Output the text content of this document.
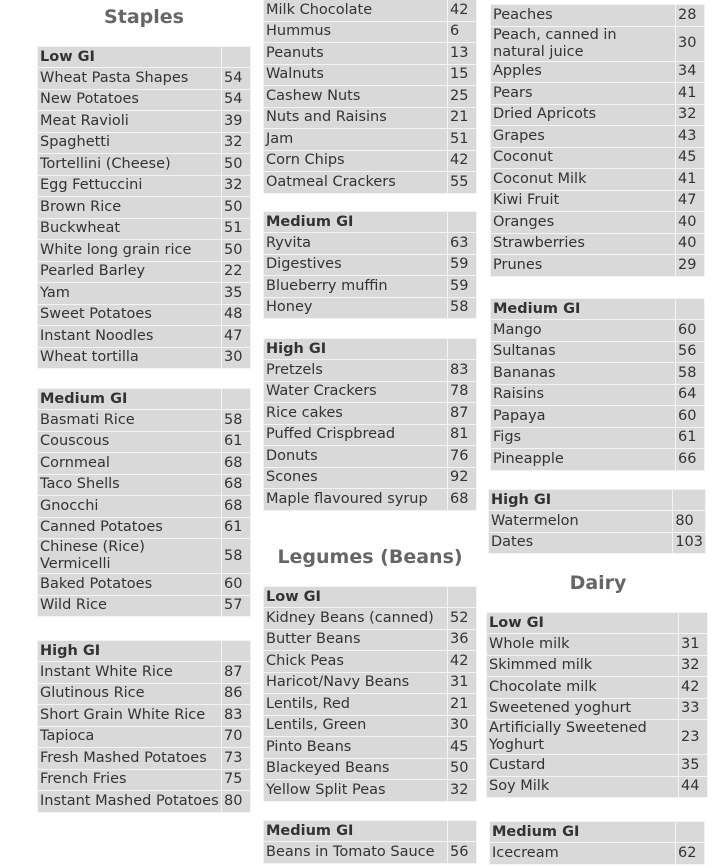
Staples
Legumes (Beans)
Dairy
Low GI	
Wheat Pasta Shapes	54
New Potatoes	54
Meat Ravioli	39
Spaghetti	32
Tortellini (Cheese)	50
Egg Fettuccini	32
Brown Rice	50
Buckwheat	51
White long grain rice	50
Pearled Barley	22
Yam	35
Sweet Potatoes	48
Instant Noodles	47
Wheat tortilla	30
Medium GI	
Basmati Rice	58
Couscous	61
Cornmeal	68
Taco Shells	68
Gnocchi	68
Canned Potatoes	61
Chinese (Rice) Vermicelli	58
Baked Potatoes	60
Wild Rice	57
High GI	
Instant White Rice	87
Glutinous Rice	86
Short Grain White Rice	83
Tapioca	70
Fresh Mashed Potatoes	73
French Fries	75
Instant Mashed Potatoes	80
Milk Chocolate	42
Hummus	6
Peanuts	13
Walnuts	15
Cashew Nuts	25
Nuts and Raisins	21
Jam	51
Corn Chips	42
Oatmeal Crackers	55
Medium GI	
Ryvita	63
Digestives	59
Blueberry muffin	59
Honey	58
High GI	
Pretzels	83
Water Crackers	78
Rice cakes	87
Puffed Crispbread	81
Donuts	76
Scones	92
Maple flavoured syrup	68
Low GI	
Kidney Beans (canned)	52
Butter Beans	36
Chick Peas	42
Haricot/Navy Beans	31
Lentils, Red	21
Lentils, Green	30
Pinto Beans	45
Blackeyed Beans	50
Yellow Split Peas	32
Medium GI	
Beans in Tomato Sauce	56
Peaches	28
Peach, canned in natural juice	30
Apples	34
Pears	41
Dried Apricots	32
Grapes	43
Coconut	45
Coconut Milk	41
Kiwi Fruit	47
Oranges	40
Strawberries	40
Prunes	29
Medium GI	
Mango	60
Sultanas	56
Bananas	58
Raisins	64
Papaya	60
Figs	61
Pineapple	66
High GI	
Watermelon	80
Dates	103
Low GI	
Whole milk	31
Skimmed milk	32
Chocolate milk	42
Sweetened yoghurt	33
Artificially Sweetened Yoghurt	23
Custard	35
Soy Milk	44
Medium GI	
Icecream	62
